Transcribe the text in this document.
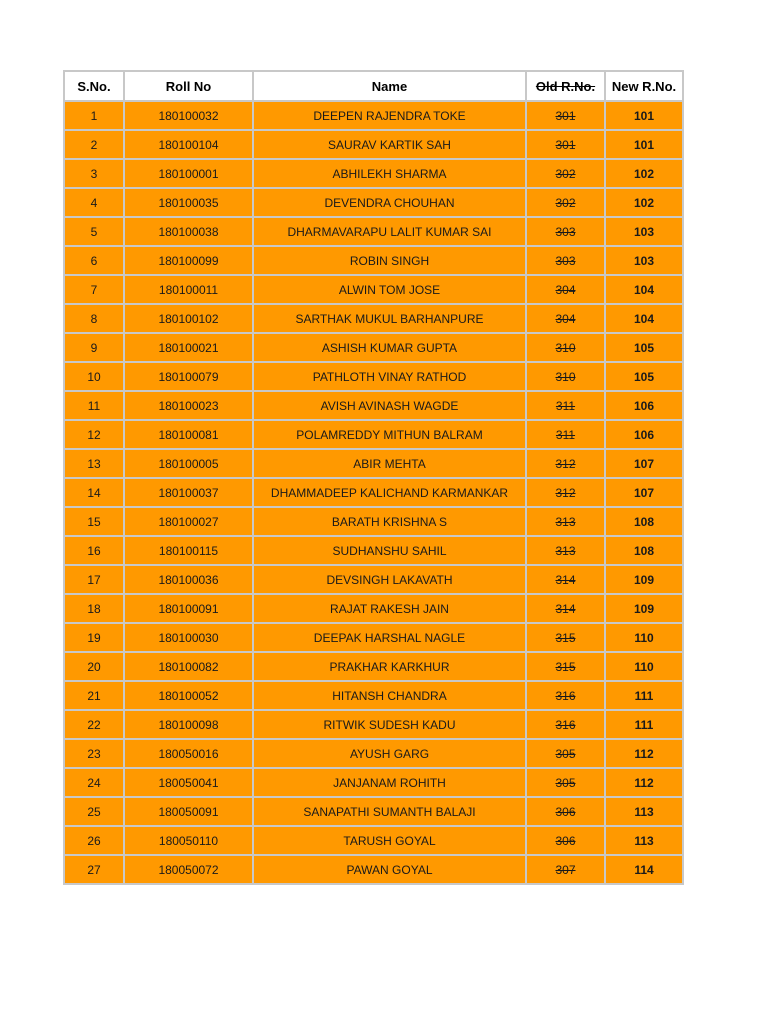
S.No.	Roll No	Name	Old R.No.	New R.No.
1	180100032	DEEPEN RAJENDRA TOKE	301	101
2	180100104	SAURAV KARTIK SAH	301	101
3	180100001	ABHILEKH SHARMA	302	102
4	180100035	DEVENDRA CHOUHAN	302	102
5	180100038	DHARMAVARAPU LALIT KUMAR SAI	303	103
6	180100099	ROBIN SINGH	303	103
7	180100011	ALWIN TOM JOSE	304	104
8	180100102	SARTHAK MUKUL BARHANPURE	304	104
9	180100021	ASHISH KUMAR GUPTA	310	105
10	180100079	PATHLOTH VINAY RATHOD	310	105
11	180100023	AVISH AVINASH WAGDE	311	106
12	180100081	POLAMREDDY MITHUN BALRAM	311	106
13	180100005	ABIR MEHTA	312	107
14	180100037	DHAMMADEEP KALICHAND KARMANKAR	312	107
15	180100027	BARATH KRISHNA S	313	108
16	180100115	SUDHANSHU SAHIL	313	108
17	180100036	DEVSINGH LAKAVATH	314	109
18	180100091	RAJAT RAKESH JAIN	314	109
19	180100030	DEEPAK HARSHAL NAGLE	315	110
20	180100082	PRAKHAR KARKHUR	315	110
21	180100052	HITANSH CHANDRA	316	111
22	180100098	RITWIK SUDESH KADU	316	111
23	180050016	AYUSH GARG	305	112
24	180050041	JANJANAM ROHITH	305	112
25	180050091	SANAPATHI SUMANTH BALAJI	306	113
26	180050110	TARUSH GOYAL	306	113
27	180050072	PAWAN GOYAL	307	114
